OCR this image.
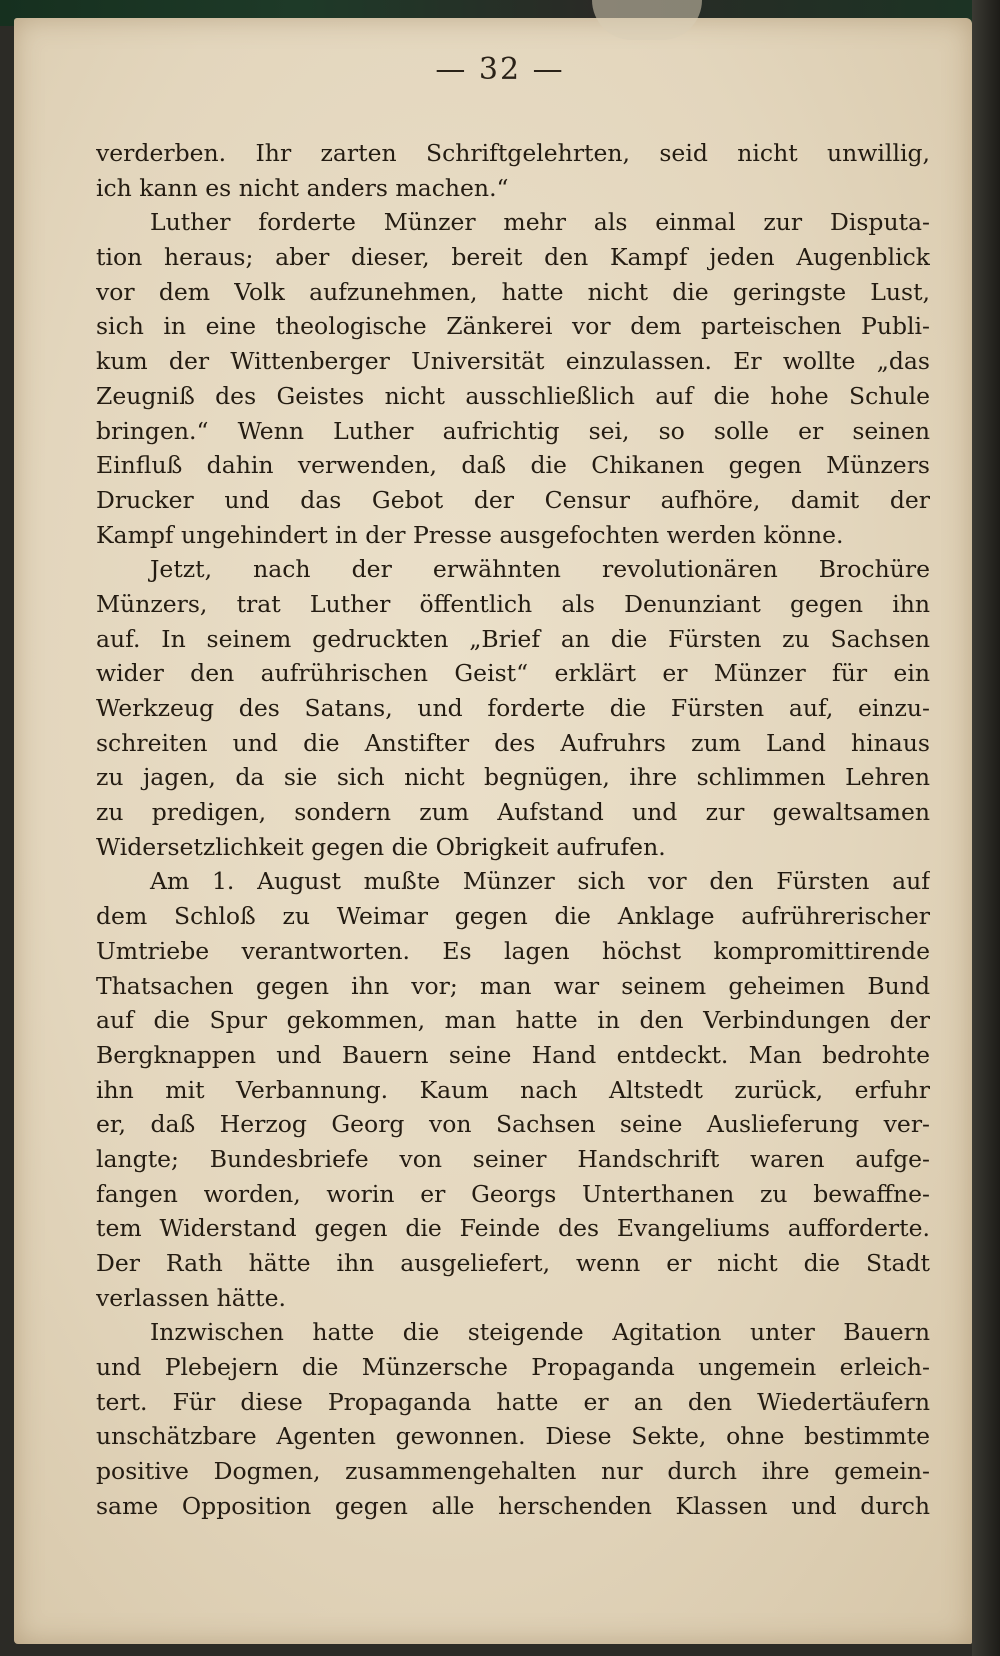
— 32 —
verderben. Ihr zarten Schriftgelehrten, seid nicht unwillig,
ich kann es nicht anders machen.“
Luther forderte Münzer mehr als einmal zur Disputa-
tion heraus; aber dieser, bereit den Kampf jeden Augenblick
vor dem Volk aufzunehmen, hatte nicht die geringste Lust,
sich in eine theologische Zänkerei vor dem parteischen Publi-
kum der Wittenberger Universität einzulassen. Er wollte „das
Zeugniß des Geistes nicht ausschließlich auf die hohe Schule
bringen.“ Wenn Luther aufrichtig sei, so solle er seinen
Einfluß dahin verwenden, daß die Chikanen gegen Münzers
Drucker und das Gebot der Censur aufhöre, damit der
Kampf ungehindert in der Presse ausgefochten werden könne.
Jetzt, nach der erwähnten revolutionären Brochüre
Münzers, trat Luther öffentlich als Denunziant gegen ihn
auf. In seinem gedruckten „Brief an die Fürsten zu Sachsen
wider den aufrührischen Geist“ erklärt er Münzer für ein
Werkzeug des Satans, und forderte die Fürsten auf, einzu-
schreiten und die Anstifter des Aufruhrs zum Land hinaus
zu jagen, da sie sich nicht begnügen, ihre schlimmen Lehren
zu predigen, sondern zum Aufstand und zur gewaltsamen
Widersetzlichkeit gegen die Obrigkeit aufrufen.
Am 1. August mußte Münzer sich vor den Fürsten auf
dem Schloß zu Weimar gegen die Anklage aufrührerischer
Umtriebe verantworten. Es lagen höchst kompromittirende
Thatsachen gegen ihn vor; man war seinem geheimen Bund
auf die Spur gekommen, man hatte in den Verbindungen der
Bergknappen und Bauern seine Hand entdeckt. Man bedrohte
ihn mit Verbannung. Kaum nach Altstedt zurück, erfuhr
er, daß Herzog Georg von Sachsen seine Auslieferung ver-
langte; Bundesbriefe von seiner Handschrift waren aufge-
fangen worden, worin er Georgs Unterthanen zu bewaffne-
tem Widerstand gegen die Feinde des Evangeliums aufforderte.
Der Rath hätte ihn ausgeliefert, wenn er nicht die Stadt
verlassen hätte.
Inzwischen hatte die steigende Agitation unter Bauern
und Plebejern die Münzersche Propaganda ungemein erleich-
tert. Für diese Propaganda hatte er an den Wiedertäufern
unschätzbare Agenten gewonnen. Diese Sekte, ohne bestimmte
positive Dogmen, zusammengehalten nur durch ihre gemein-
same Opposition gegen alle herschenden Klassen und durch
